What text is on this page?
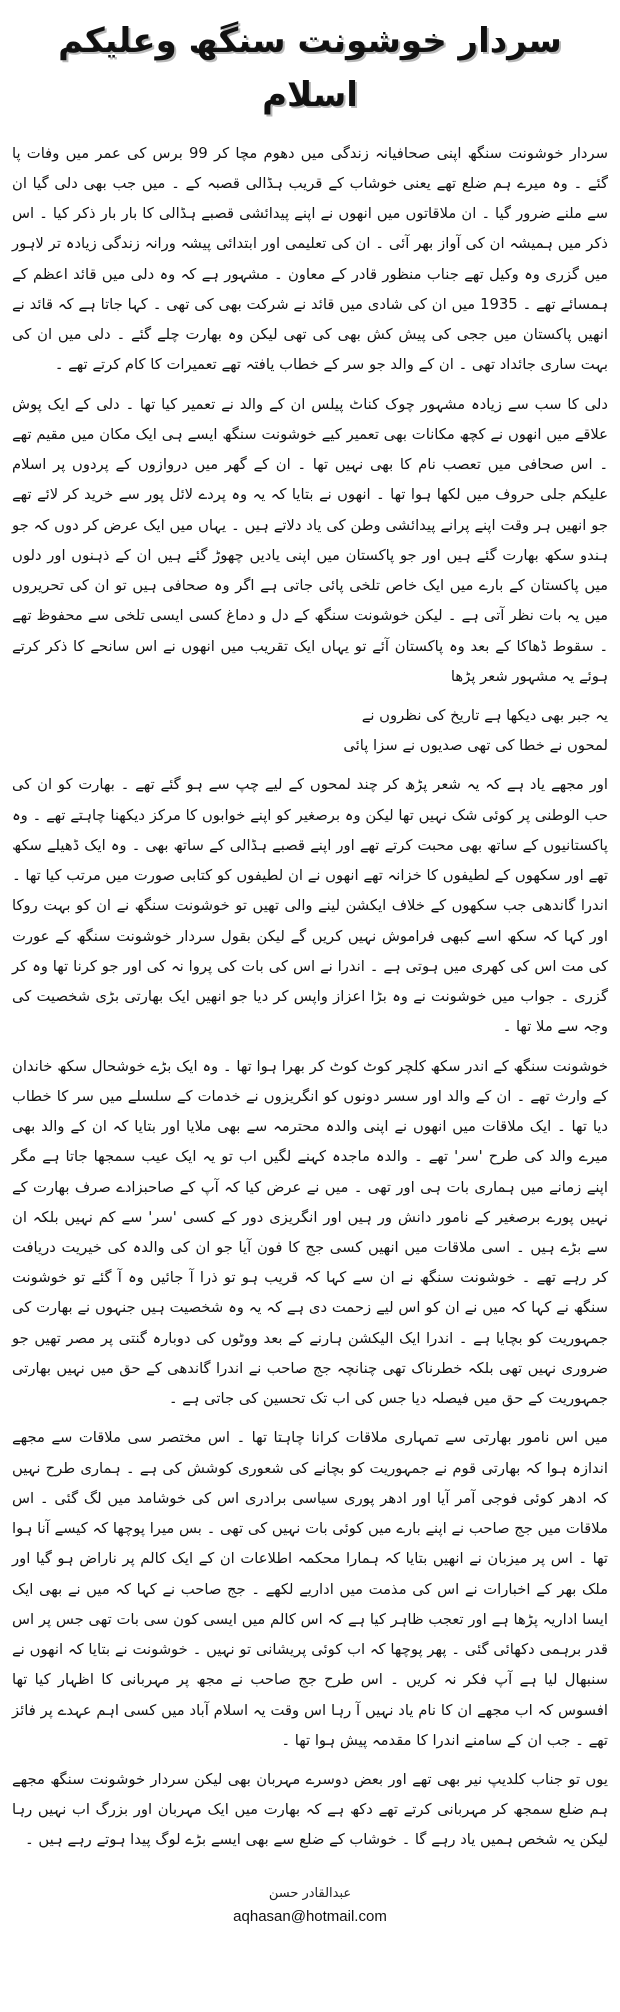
سردار خوشونت سنگھ وعلیکم اسلام

سردار خوشونت سنگھ اپنی صحافیانہ زندگی میں دھوم مچا کر 99 برس کی عمر میں وفات پا گئے ۔ وہ میرے ہم ضلع تھے یعنی خوشاب کے قریب ہڈالی قصبہ کے ۔ میں جب بھی دلی گیا ان سے ملنے ضرور گیا ۔ ان ملاقاتوں میں انھوں نے اپنے پیدائشی قصبے ہڈالی کا بار بار ذکر کیا ۔ اس ذکر میں ہمیشہ ان کی آواز بھر آئی ۔ ان کی تعلیمی اور ابتدائی پیشہ ورانہ زندگی زیادہ تر لاہور میں گزری وہ وکیل تھے جناب منظور قادر کے معاون ۔ مشہور ہے کہ وہ دلی میں قائد اعظم کے ہمسائے تھے ۔ 1935 میں ان کی شادی میں قائد نے شرکت بھی کی تھی ۔ کہا جاتا ہے کہ قائد نے انھیں پاکستان میں ججی کی پیش کش بھی کی تھی لیکن وہ بھارت چلے گئے ۔ دلی میں ان کی بہت ساری جائداد تھی ۔ ان کے والد جو سر کے خطاب یافتہ تھے تعمیرات کا کام کرتے تھے ۔

دلی کا سب سے زیادہ مشہور چوک کناٹ پیلس ان کے والد نے تعمیر کیا تھا ۔ دلی کے ایک پوش علاقے میں انھوں نے کچھ مکانات بھی تعمیر کیے خوشونت سنگھ ایسے ہی ایک مکان میں مقیم تھے ۔ اس صحافی میں تعصب نام کا بھی نہیں تھا ۔ ان کے گھر میں دروازوں کے پردوں پر اسلام علیکم جلی حروف میں لکھا ہوا تھا ۔ انھوں نے بتایا کہ یہ وہ پردے لائل پور سے خرید کر لائے تھے جو انھیں ہر وقت اپنے پرانے پیدائشی وطن کی یاد دلاتے ہیں ۔ یہاں میں ایک عرض کر دوں کہ جو ہندو سکھ بھارت گئے ہیں اور جو پاکستان میں اپنی یادیں چھوڑ گئے ہیں ان کے ذہنوں اور دلوں میں پاکستان کے بارے میں ایک خاص تلخی پائی جاتی ہے اگر وہ صحافی ہیں تو ان کی تحریروں میں یہ بات نظر آتی ہے ۔ لیکن خوشونت سنگھ کے دل و دماغ کسی ایسی تلخی سے محفوظ تھے ۔ سقوط ڈھاکا کے بعد وہ پاکستان آئے تو یہاں ایک تقریب میں انھوں نے اس سانحے کا ذکر کرتے ہوئے یہ مشہور شعر پڑھا

یہ جبر بھی دیکھا ہے تاریخ کی نظروں نے
لمحوں نے خطا کی تھی صدیوں نے سزا پائی

اور مجھے یاد ہے کہ یہ شعر پڑھ کر چند لمحوں کے لیے چپ سے ہو گئے تھے ۔ بھارت کو ان کی حب الوطنی پر کوئی شک نہیں تھا لیکن وہ برصغیر کو اپنے خوابوں کا مرکز دیکھنا چاہتے تھے ۔ وہ پاکستانیوں کے ساتھ بھی محبت کرتے تھے اور اپنے قصبے ہڈالی کے ساتھ بھی ۔ وہ ایک ڈھیلے سکھ تھے اور سکھوں کے لطیفوں کا خزانہ تھے انھوں نے ان لطیفوں کو کتابی صورت میں مرتب کیا تھا ۔ اندرا گاندھی جب سکھوں کے خلاف ایکشن لینے والی تھیں تو خوشونت سنگھ نے ان کو بہت روکا اور کہا کہ سکھ اسے کبھی فراموش نہیں کریں گے لیکن بقول سردار خوشونت سنگھ کے عورت کی مت اس کی کھری میں ہوتی ہے ۔ اندرا نے اس کی بات کی پروا نہ کی اور جو کرنا تھا وہ کر گزری ۔ جواب میں خوشونت نے وہ بڑا اعزاز واپس کر دیا جو انھیں ایک بھارتی بڑی شخصیت کی وجہ سے ملا تھا ۔

خوشونت سنگھ کے اندر سکھ کلچر کوٹ کوٹ کر بھرا ہوا تھا ۔ وہ ایک بڑے خوشحال سکھ خاندان کے وارث تھے ۔ ان کے والد اور سسر دونوں کو انگریزوں نے خدمات کے سلسلے میں سر کا خطاب دیا تھا ۔ ایک ملاقات میں انھوں نے اپنی والدہ محترمہ سے بھی ملایا اور بتایا کہ ان کے والد بھی میرے والد کی طرح 'سر' تھے ۔ والدہ ماجدہ کہنے لگیں اب تو یہ ایک عیب سمجھا جاتا ہے مگر اپنے زمانے میں ہماری بات ہی اور تھی ۔ میں نے عرض کیا کہ آپ کے صاحبزادے صرف بھارت کے نہیں پورے برصغیر کے نامور دانش ور ہیں اور انگریزی دور کے کسی 'سر' سے کم نہیں بلکہ ان سے بڑے ہیں ۔ اسی ملاقات میں انھیں کسی جج کا فون آیا جو ان کی والدہ کی خیریت دریافت کر رہے تھے ۔ خوشونت سنگھ نے ان سے کہا کہ قریب ہو تو ذرا آ جائیں وہ آ گئے تو خوشونت سنگھ نے کہا کہ میں نے ان کو اس لیے زحمت دی ہے کہ یہ وہ شخصیت ہیں جنہوں نے بھارت کی جمہوریت کو بچایا ہے ۔ اندرا ایک الیکشن ہارنے کے بعد ووٹوں کی دوبارہ گنتی پر مصر تھیں جو ضروری نہیں تھی بلکہ خطرناک تھی چنانچہ جج صاحب نے اندرا گاندھی کے حق میں نہیں بھارتی جمہوریت کے حق میں فیصلہ دیا جس کی اب تک تحسین کی جاتی ہے ۔

میں اس نامور بھارتی سے تمہاری ملاقات کرانا چاہتا تھا ۔ اس مختصر سی ملاقات سے مجھے اندازہ ہوا کہ بھارتی قوم نے جمہوریت کو بچانے کی شعوری کوشش کی ہے ۔ ہماری طرح نہیں کہ ادھر کوئی فوجی آمر آیا اور ادھر پوری سیاسی برادری اس کی خوشامد میں لگ گئی ۔ اس ملاقات میں جج صاحب نے اپنے بارے میں کوئی بات نہیں کی تھی ۔ بس میرا پوچھا کہ کیسے آنا ہوا تھا ۔ اس پر میزبان نے انھیں بتایا کہ ہمارا محکمہ اطلاعات ان کے ایک کالم پر ناراض ہو گیا اور ملک بھر کے اخبارات نے اس کی مذمت میں اداریے لکھے ۔ جج صاحب نے کہا کہ میں نے بھی ایک ایسا اداریہ پڑھا ہے اور تعجب ظاہر کیا ہے کہ اس کالم میں ایسی کون سی بات تھی جس پر اس قدر برہمی دکھائی گئی ۔ پھر پوچھا کہ اب کوئی پریشانی تو نہیں ۔ خوشونت نے بتایا کہ انھوں نے سنبھال لیا ہے آپ فکر نہ کریں ۔ اس طرح جج صاحب نے مجھ پر مہربانی کا اظہار کیا تھا افسوس کہ اب مجھے ان کا نام یاد نہیں آ رہا اس وقت یہ اسلام آباد میں کسی اہم عہدے پر فائز تھے ۔ جب ان کے سامنے اندرا کا مقدمہ پیش ہوا تھا ۔

یوں تو جناب کلدیپ نیر بھی تھے اور بعض دوسرے مہربان بھی لیکن سردار خوشونت سنگھ مجھے ہم ضلع سمجھ کر مہربانی کرتے تھے دکھ ہے کہ بھارت میں ایک مہربان اور بزرگ اب نہیں رہا لیکن یہ شخص ہمیں یاد رہے گا ۔ خوشاب کے ضلع سے بھی ایسے بڑے لوگ پیدا ہوتے رہے ہیں ۔

عبدالقادر حسن
aqhasan@hotmail.com
